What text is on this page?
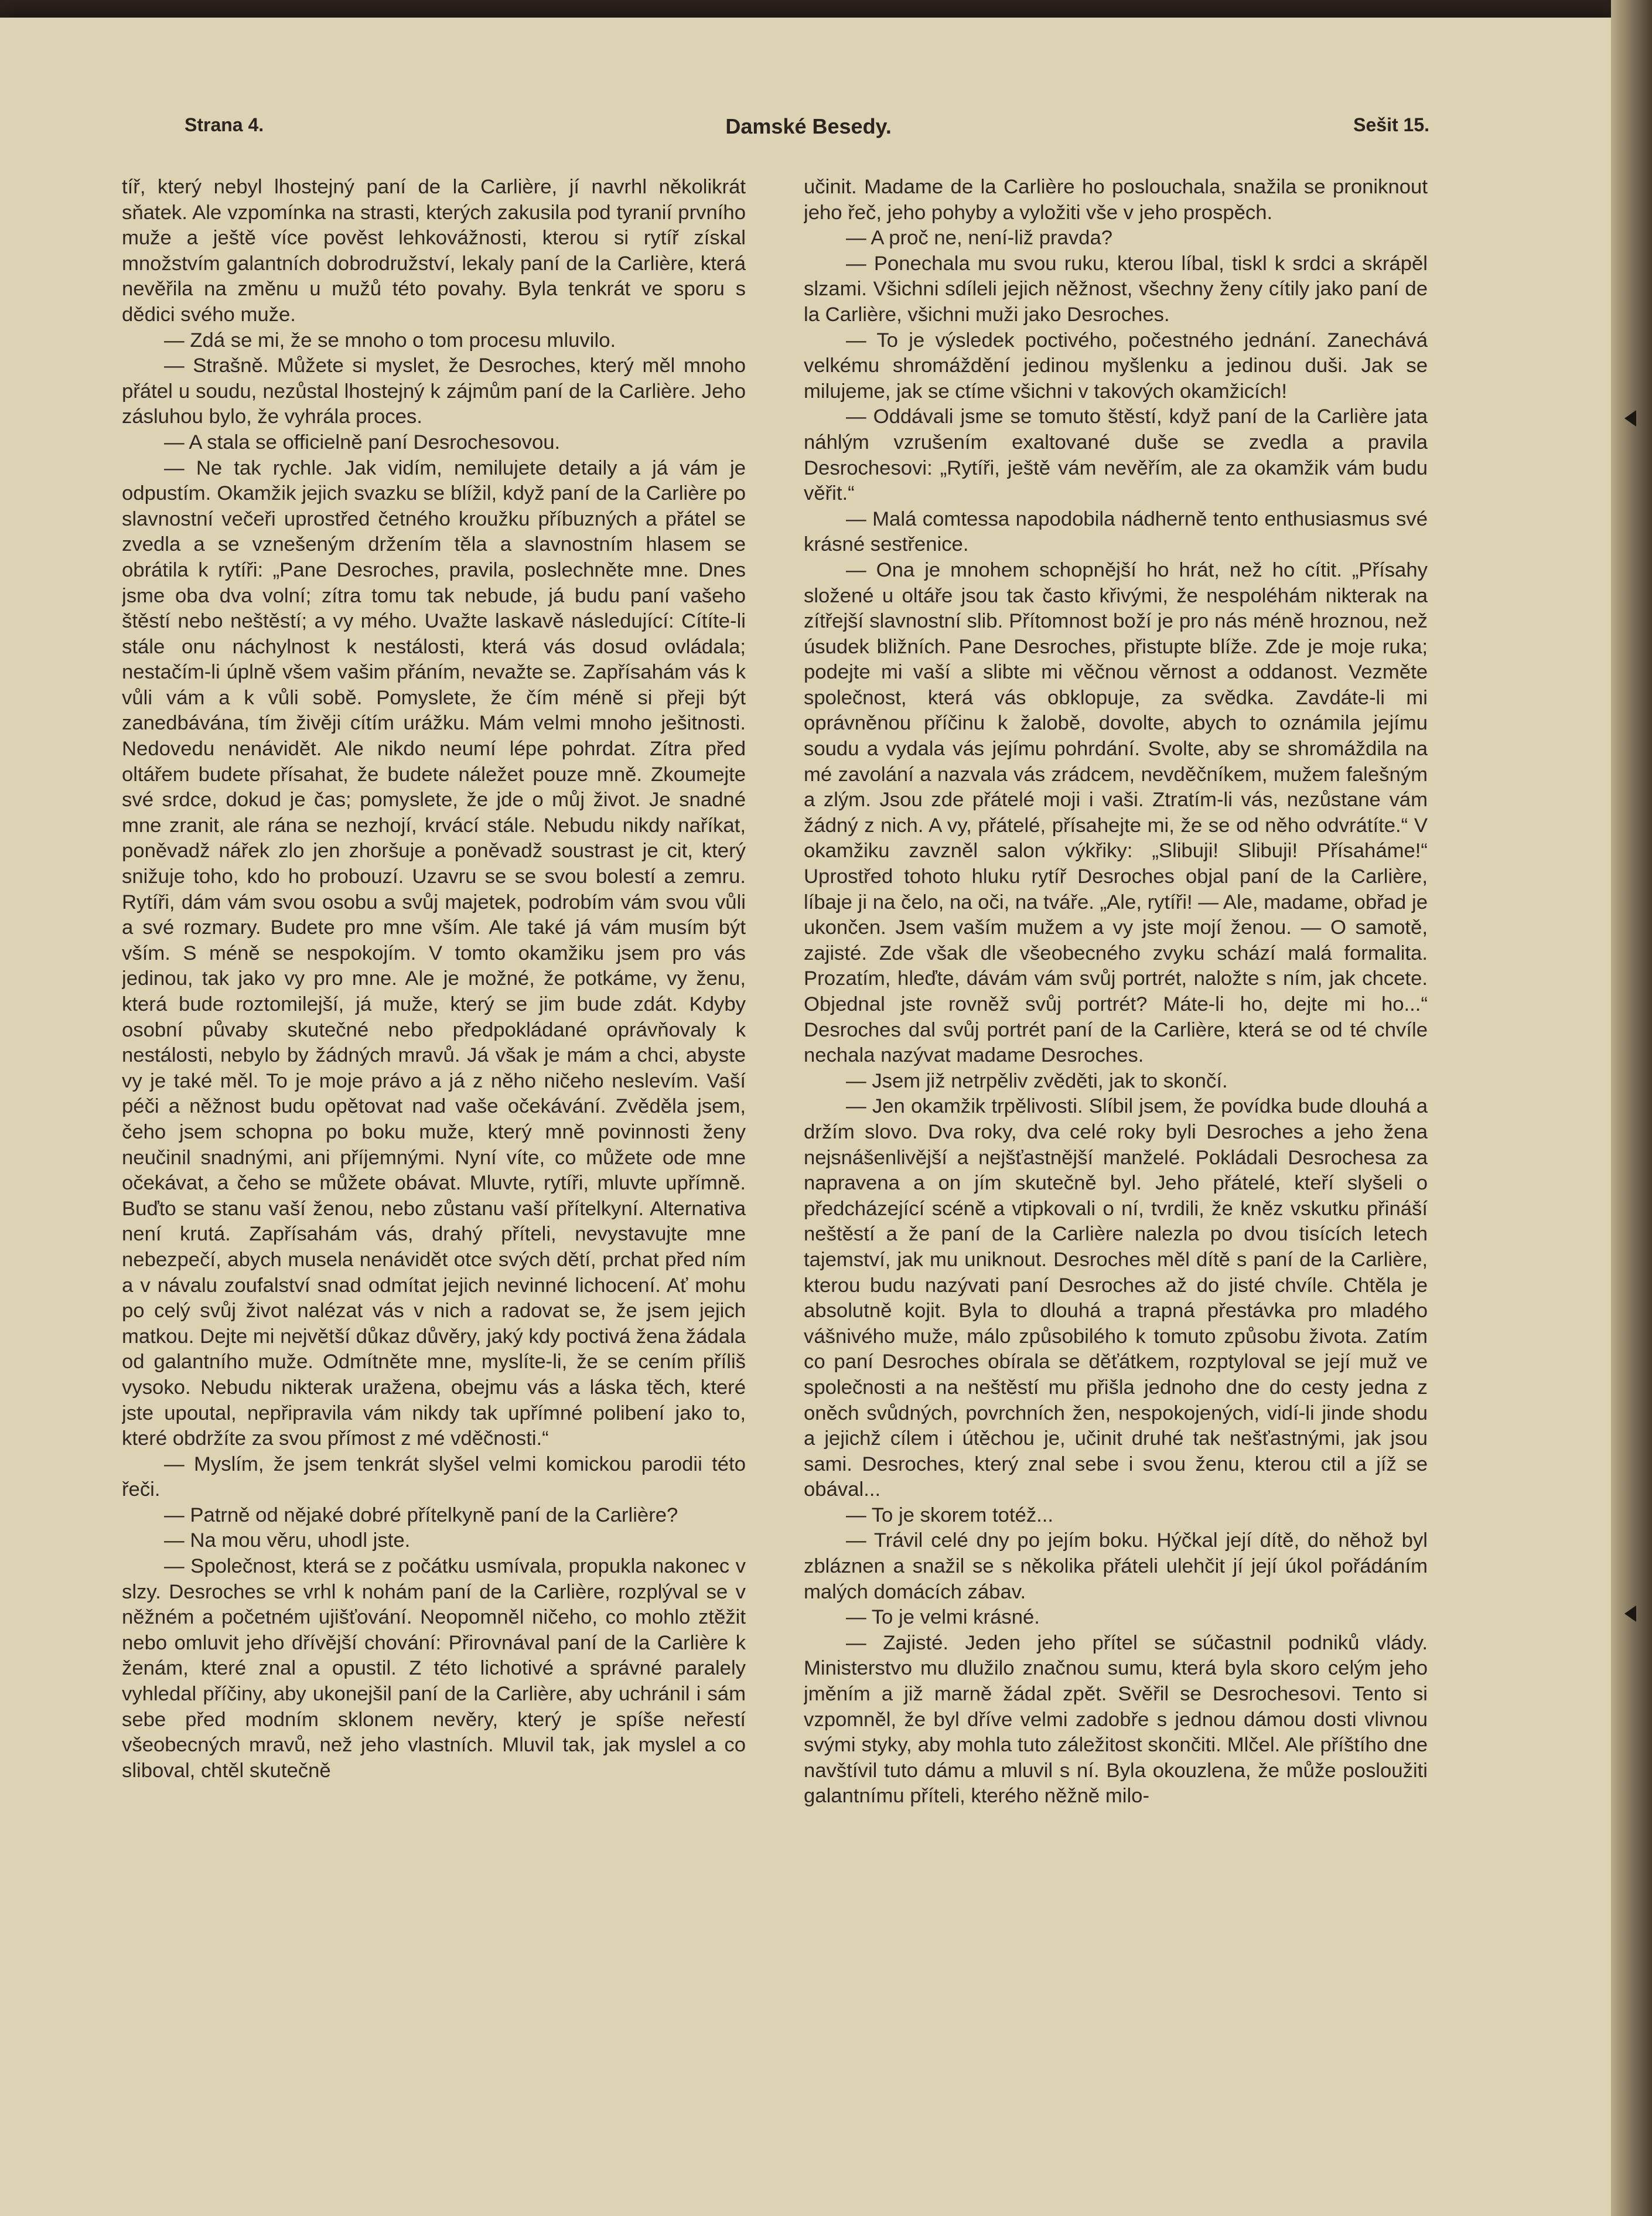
Strana 4.	Damské Besedy.	Sešit 15.

tíř, který nebyl lhostejný paní de la Carlière, jí navrhl několikrát sňatek. Ale vzpomínka na strasti, kterých zakusila pod tyranií prvního muže a ještě více pověst lehkovážnosti, kterou si rytíř získal množstvím galantních dobrodružství, lekaly paní de la Carlière, která nevěřila na změnu u mužů této povahy. Byla tenkrát ve sporu s dědici svého muže.

— Zdá se mi, že se mnoho o tom procesu mluvilo.

— Strašně. Můžete si myslet, že Desroches, který měl mnoho přátel u soudu, nezůstal lhostejný k zájmům paní de la Carlière. Jeho zásluhou bylo, že vyhrála proces.

— A stala se officielně paní Desrochesovou.

— Ne tak rychle. Jak vidím, nemilujete detaily a já vám je odpustím. Okamžik jejich svazku se blížil, když paní de la Carlière po slavnostní večeři uprostřed četného kroužku příbuzných a přátel se zvedla a se vznešeným držením těla a slavnostním hlasem se obrátila k rytíři: „Pane Desroches, pravila, poslechněte mne. Dnes jsme oba dva volní; zítra tomu tak nebude, já budu paní vašeho štěstí nebo neštěstí; a vy mého. Uvažte laskavě následující: Cítíte-li stále onu náchylnost k nestálosti, která vás dosud ovládala; nestačím-li úplně všem vašim přáním, nevažte se. Zapřísahám vás k vůli vám a k vůli sobě. Pomyslete, že čím méně si přeji být zanedbávána, tím živěji cítím urážku. Mám velmi mnoho ješitnosti. Nedovedu nenávidět. Ale nikdo neumí lépe pohrdat. Zítra před oltářem budete přísahat, že budete náležet pouze mně. Zkoumejte své srdce, dokud je čas; pomyslete, že jde o můj život. Je snadné mne zranit, ale rána se nezhojí, krvácí stále. Nebudu nikdy naříkat, poněvadž nářek zlo jen zhoršuje a poněvadž soustrast je cit, který snižuje toho, kdo ho probouzí. Uzavru se se svou bolestí a zemru. Rytíři, dám vám svou osobu a svůj majetek, podrobím vám svou vůli a své rozmary. Budete pro mne vším. Ale také já vám musím být vším. S méně se nespokojím. V tomto okamžiku jsem pro vás jedinou, tak jako vy pro mne. Ale je možné, že potkáme, vy ženu, která bude roztomilejší, já muže, který se jim bude zdát. Kdyby osobní půvaby skutečné nebo předpokládané oprávňovaly k nestálosti, nebylo by žádných mravů. Já však je mám a chci, abyste vy je také měl. To je moje právo a já z něho ničeho neslevím. Vaší péči a něžnost budu opětovat nad vaše očekávání. Zvěděla jsem, čeho jsem schopna po boku muže, který mně povinnosti ženy neučinil snadnými, ani příjemnými. Nyní víte, co můžete ode mne očekávat, a čeho se můžete obávat. Mluvte, rytíři, mluvte upřímně. Buďto se stanu vaší ženou, nebo zůstanu vaší přítelkyní. Alternativa není krutá. Zapřísahám vás, drahý příteli, nevystavujte mne nebezpečí, abych musela nenávidět otce svých dětí, prchat před ním a v návalu zoufalství snad odmítat jejich nevinné lichocení. Ať mohu po celý svůj život nalézat vás v nich a radovat se, že jsem jejich matkou. Dejte mi největší důkaz důvěry, jaký kdy poctivá žena žádala od galantního muže. Odmítněte mne, myslíte-li, že se cením příliš vysoko. Nebudu nikterak uražena, obejmu vás a láska těch, které jste upoutal, nepřipravila vám nikdy tak upřímné polibení jako to, které obdržíte za svou přímost z mé vděčnosti.“

— Myslím, že jsem tenkrát slyšel velmi komickou parodii této řeči.

— Patrně od nějaké dobré přítelkyně paní de la Carlière?

— Na mou věru, uhodl jste.

— Společnost, která se z počátku usmívala, propukla nakonec v slzy. Desroches se vrhl k nohám paní de la Carlière, rozplýval se v něžném a početném ujišťování. Neopomněl ničeho, co mohlo ztěžit nebo omluvit jeho dřívější chování: Přirovnával paní de la Carlière k ženám, které znal a opustil. Z této lichotivé a správné paralely vyhledal příčiny, aby ukonejšil paní de la Carlière, aby uchránil i sám sebe před modním sklonem nevěry, který je spíše neřestí všeobecných mravů, než jeho vlastních. Mluvil tak, jak myslel a co sliboval, chtěl skutečně

učinit. Madame de la Carlière ho poslouchala, snažila se proniknout jeho řeč, jeho pohyby a vyložiti vše v jeho prospěch.

— A proč ne, není-liž pravda?

— Ponechala mu svou ruku, kterou líbal, tiskl k srdci a skrápěl slzami. Všichni sdíleli jejich něžnost, všechny ženy cítily jako paní de la Carlière, všichni muži jako Desroches.

— To je výsledek poctivého, počestného jednání. Zanechává velkému shromáždění jedinou myšlenku a jedinou duši. Jak se milujeme, jak se ctíme všichni v takových okamžicích!

— Oddávali jsme se tomuto štěstí, když paní de la Carlière jata náhlým vzrušením exaltované duše se zvedla a pravila Desrochesovi: „Rytíři, ještě vám nevěřím, ale za okamžik vám budu věřit.“

— Malá comtessa napodobila nádherně tento enthusiasmus své krásné sestřenice.

— Ona je mnohem schopnější ho hrát, než ho cítit. „Přísahy složené u oltáře jsou tak často křivými, že nespoléhám nikterak na zítřejší slavnostní slib. Přítomnost boží je pro nás méně hroznou, než úsudek bližních. Pane Desroches, přistupte blíže. Zde je moje ruka; podejte mi vaší a slibte mi věčnou věrnost a oddanost. Vezměte společnost, která vás obklopuje, za svědka. Zavdáte-li mi oprávněnou příčinu k žalobě, dovolte, abych to oznámila jejímu soudu a vydala vás jejímu pohrdání. Svolte, aby se shromáždila na mé zavolání a nazvala vás zrádcem, nevděčníkem, mužem falešným a zlým. Jsou zde přátelé moji i vaši. Ztratím-li vás, nezůstane vám žádný z nich. A vy, přátelé, přísahejte mi, že se od něho odvrátíte.“ V okamžiku zavzněl salon výkřiky: „Slibuji! Slibuji! Přísaháme!“ Uprostřed tohoto hluku rytíř Desroches objal paní de la Carlière, líbaje ji na čelo, na oči, na tváře. „Ale, rytíři! — Ale, madame, obřad je ukončen. Jsem vaším mužem a vy jste mojí ženou. — O samotě, zajisté. Zde však dle všeobecného zvyku schází malá formalita. Prozatím, hleďte, dávám vám svůj portrét, naložte s ním, jak chcete. Objednal jste rovněž svůj portrét? Máte-li ho, dejte mi ho...“ Desroches dal svůj portrét paní de la Carlière, která se od té chvíle nechala nazývat madame Desroches.

— Jsem již netrpěliv zvěděti, jak to skončí.

— Jen okamžik trpělivosti. Slíbil jsem, že povídka bude dlouhá a držím slovo. Dva roky, dva celé roky byli Desroches a jeho žena nejsnášenlivější a nejšťastnější manželé. Pokládali Desrochesa za napravena a on jím skutečně byl. Jeho přátelé, kteří slyšeli o předcházející scéně a vtipkovali o ní, tvrdili, že kněz vskutku přináší neštěstí a že paní de la Carlière nalezla po dvou tisících letech tajemství, jak mu uniknout. Desroches měl dítě s paní de la Carlière, kterou budu nazývati paní Desroches až do jisté chvíle. Chtěla je absolutně kojit. Byla to dlouhá a trapná přestávka pro mladého vášnivého muže, málo způsobilého k tomuto způsobu života. Zatím co paní Desroches obírala se děťátkem, rozptyloval se její muž ve společnosti a na neštěstí mu přišla jednoho dne do cesty jedna z oněch svůdných, povrchních žen, nespokojených, vidí-li jinde shodu a jejichž cílem i útěchou je, učinit druhé tak nešťastnými, jak jsou sami. Desroches, který znal sebe i svou ženu, kterou ctil a jíž se obával...

— To je skorem totéž...

— Trávil celé dny po jejím boku. Hýčkal její dítě, do něhož byl zbláznen a snažil se s několika přáteli ulehčit jí její úkol pořádáním malých domácích zábav.

— To je velmi krásné.

— Zajisté. Jeden jeho přítel se súčastnil podniků vlády. Ministerstvo mu dlužilo značnou sumu, která byla skoro celým jeho jměním a již marně žádal zpět. Svěřil se Desrochesovi. Tento si vzpomněl, že byl dříve velmi zadobře s jednou dámou dosti vlivnou svými styky, aby mohla tuto záležitost skončiti. Mlčel. Ale příštího dne navštívil tuto dámu a mluvil s ní. Byla okouzlena, že může posloužiti galantnímu příteli, kterého něžně milo-
